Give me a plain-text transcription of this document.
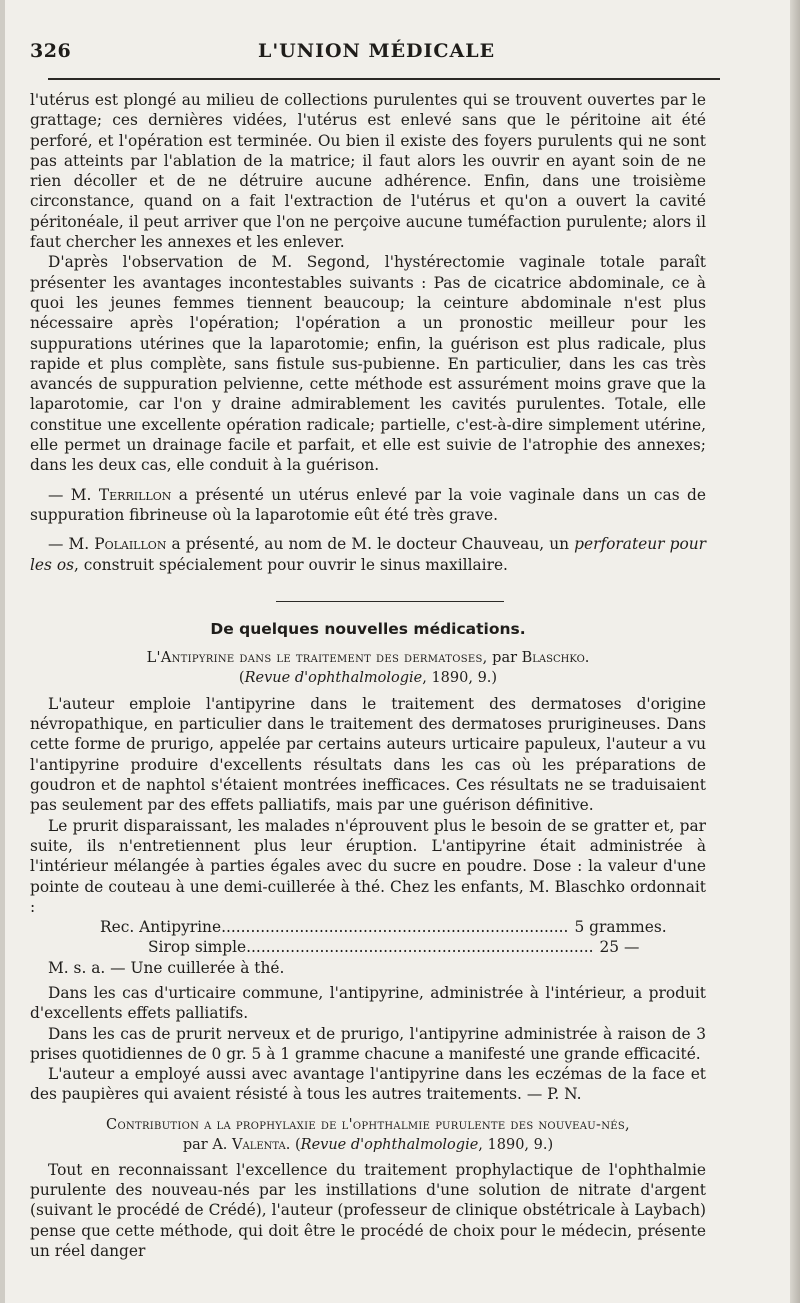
326	L'UNION MÉDICALE

l'utérus est plongé au milieu de collections purulentes qui se trouvent ouvertes par le grattage; ces dernières vidées, l'utérus est enlevé sans que le péritoine ait été perforé, et l'opération est terminée. Ou bien il existe des foyers purulents qui ne sont pas atteints par l'ablation de la matrice; il faut alors les ouvrir en ayant soin de ne rien décoller et de ne détruire aucune adhérence. Enfin, dans une troisième circonstance, quand on a fait l'extraction de l'utérus et qu'on a ouvert la cavité péritonéale, il peut arriver que l'on ne perçoive aucune tuméfaction purulente; alors il faut chercher les annexes et les enlever.

D'après l'observation de M. Segond, l'hystérectomie vaginale totale paraît présenter les avantages incontestables suivants : Pas de cicatrice abdominale, ce à quoi les jeunes femmes tiennent beaucoup; la ceinture abdominale n'est plus nécessaire après l'opération; l'opération a un pronostic meilleur pour les suppurations utérines que la laparotomie; enfin, la guérison est plus radicale, plus rapide et plus complète, sans fistule sus-pubienne. En particulier, dans les cas très avancés de suppuration pelvienne, cette méthode est assurément moins grave que la laparotomie, car l'on y draine admirablement les cavités purulentes. Totale, elle constitue une excellente opération radicale; partielle, c'est-à-dire simplement utérine, elle permet un drainage facile et parfait, et elle est suivie de l'atrophie des annexes; dans les deux cas, elle conduit à la guérison.

— M. Terrillon a présenté un utérus enlevé par la voie vaginale dans un cas de suppuration fibrineuse où la laparotomie eût été très grave.

— M. Polaillon a présenté, au nom de M. le docteur Chauveau, un perforateur pour les os, construit spécialement pour ouvrir le sinus maxillaire.

De quelques nouvelles médications.
L'Antipyrine dans le traitement des dermatoses, par Blaschko.
(Revue d'ophthalmologie, 1890, 9.)

L'auteur emploie l'antipyrine dans le traitement des dermatoses d'origine névropathique, en particulier dans le traitement des dermatoses prurigineuses. Dans cette forme de prurigo, appelée par certains auteurs urticaire papuleux, l'auteur a vu l'antipyrine produire d'excellents résultats dans les cas où les préparations de goudron et de naphtol s'étaient montrées inefficaces. Ces résultats ne se traduisaient pas seulement par des effets palliatifs, mais par une guérison définitive.

Le prurit disparaissant, les malades n'éprouvent plus le besoin de se gratter et, par suite, ils n'entretiennent plus leur éruption. L'antipyrine était administrée à l'intérieur mélangée à parties égales avec du sucre en poudre. Dose : la valeur d'une pointe de couteau à une demi-cuillerée à thé. Chez les enfants, M. Blaschko ordonnait :

Rec. Antipyrine ....................................................................... 5 grammes.
Sirop simple ....................................................................... 25 —

M. s. a. — Une cuillerée à thé.

Dans les cas d'urticaire commune, l'antipyrine, administrée à l'intérieur, a produit d'excellents effets palliatifs.

Dans les cas de prurit nerveux et de prurigo, l'antipyrine administrée à raison de 3 prises quotidiennes de 0 gr. 5 à 1 gramme chacune a manifesté une grande efficacité.

L'auteur a employé aussi avec avantage l'antipyrine dans les eczémas de la face et des paupières qui avaient résisté à tous les autres traitements. — P. N.

Contribution a la prophylaxie de l'ophthalmie purulente des nouveau-nés,
par A. Valenta. (Revue d'ophthalmologie, 1890, 9.)

Tout en reconnaissant l'excellence du traitement prophylactique de l'ophthalmie purulente des nouveau-nés par les instillations d'une solution de nitrate d'argent (suivant le procédé de Crédé), l'auteur (professeur de clinique obstétricale à Laybach) pense que cette méthode, qui doit être le procédé de choix pour le médecin, présente un réel danger
